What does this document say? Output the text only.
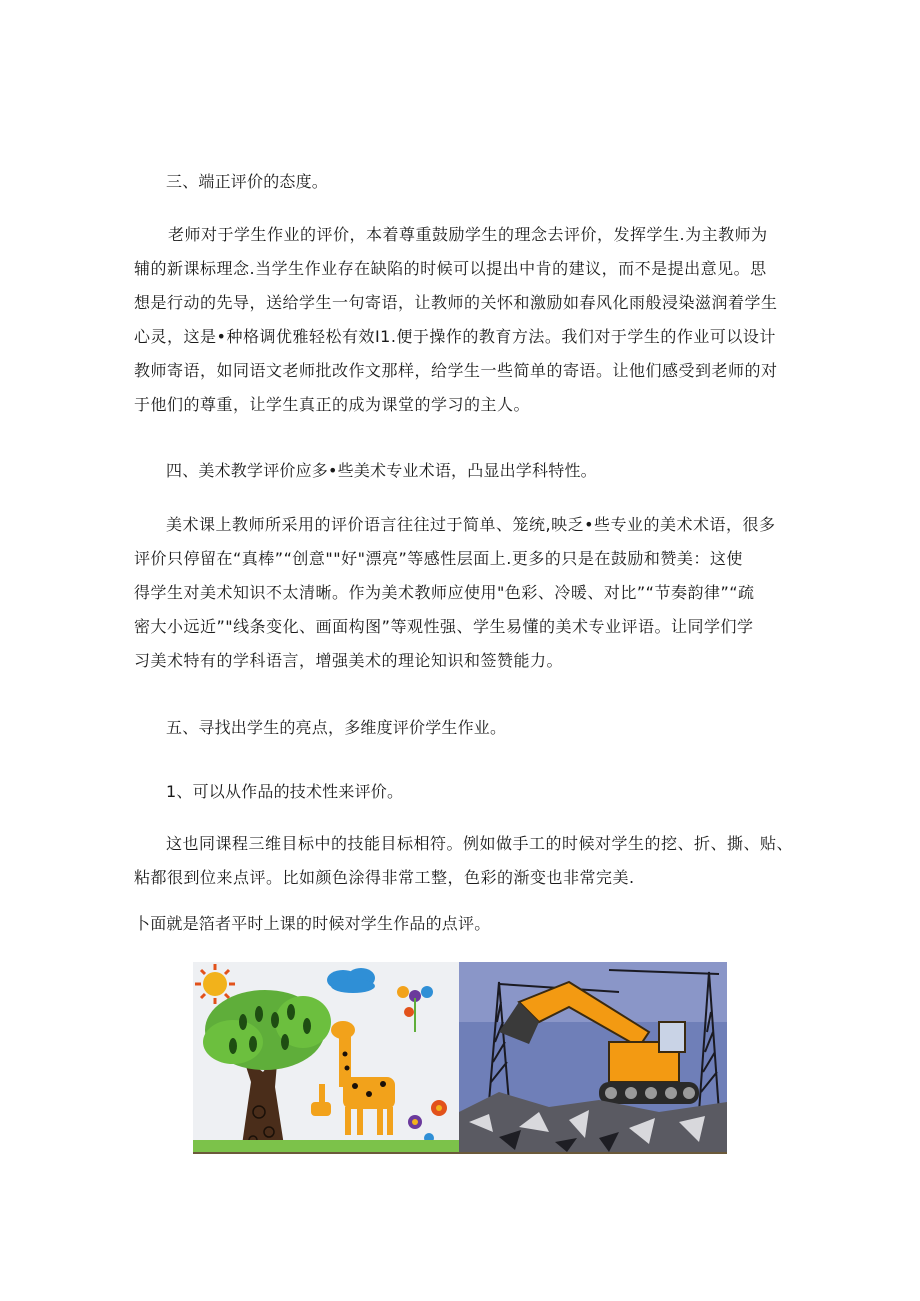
三、端正评价的态度。
老师对于学生作业的评价，本着尊重鼓励学生的理念去评价，发挥学生.为主教师为
辅的新课标理念.当学生作业存在缺陷的时候可以提出中肯的建议，而不是提出意见。思
想是行动的先导，送给学生一句寄语，让教师的关怀和激励如春风化雨般浸染滋润着学生
心灵，这是•种格调优雅轻松有效I1.便于操作的教育方法。我们对于学生的作业可以设计
教师寄语，如同语文老师批改作文那样，给学生一些简单的寄语。让他们感受到老师的对
于他们的尊重，让学生真正的成为课堂的学习的主人。
四、美术教学评价应多•些美术专业术语，凸显出学科特性。
美术课上教师所采用的评价语言往往过于简单、笼统,映乏•些专业的美术术语，很多
评价只停留在“真棒”“创意""好"漂亮”等感性层面上.更多的只是在鼓励和赞美：这使
得学生对美术知识不太清晰。作为美术教师应使用"色彩、冷暖、对比”“节奏韵律”“疏
密大小远近”"线条变化、画面构图”等观性强、学生易懂的美术专业评语。让同学们学
习美术特有的学科语言，增强美术的理论知识和签赞能力。
五、寻找出学生的亮点，多维度评价学生作业。
1、可以从作品的技术性来评价。
这也同课程三维目标中的技能目标相符。例如做手工的时候对学生的挖、折、撕、贴、
粘都很到位来点评。比如颜色涂得非常工整，色彩的渐变也非常完美.
卜面就是箔者平时上课的时候对学生作品的点评。
